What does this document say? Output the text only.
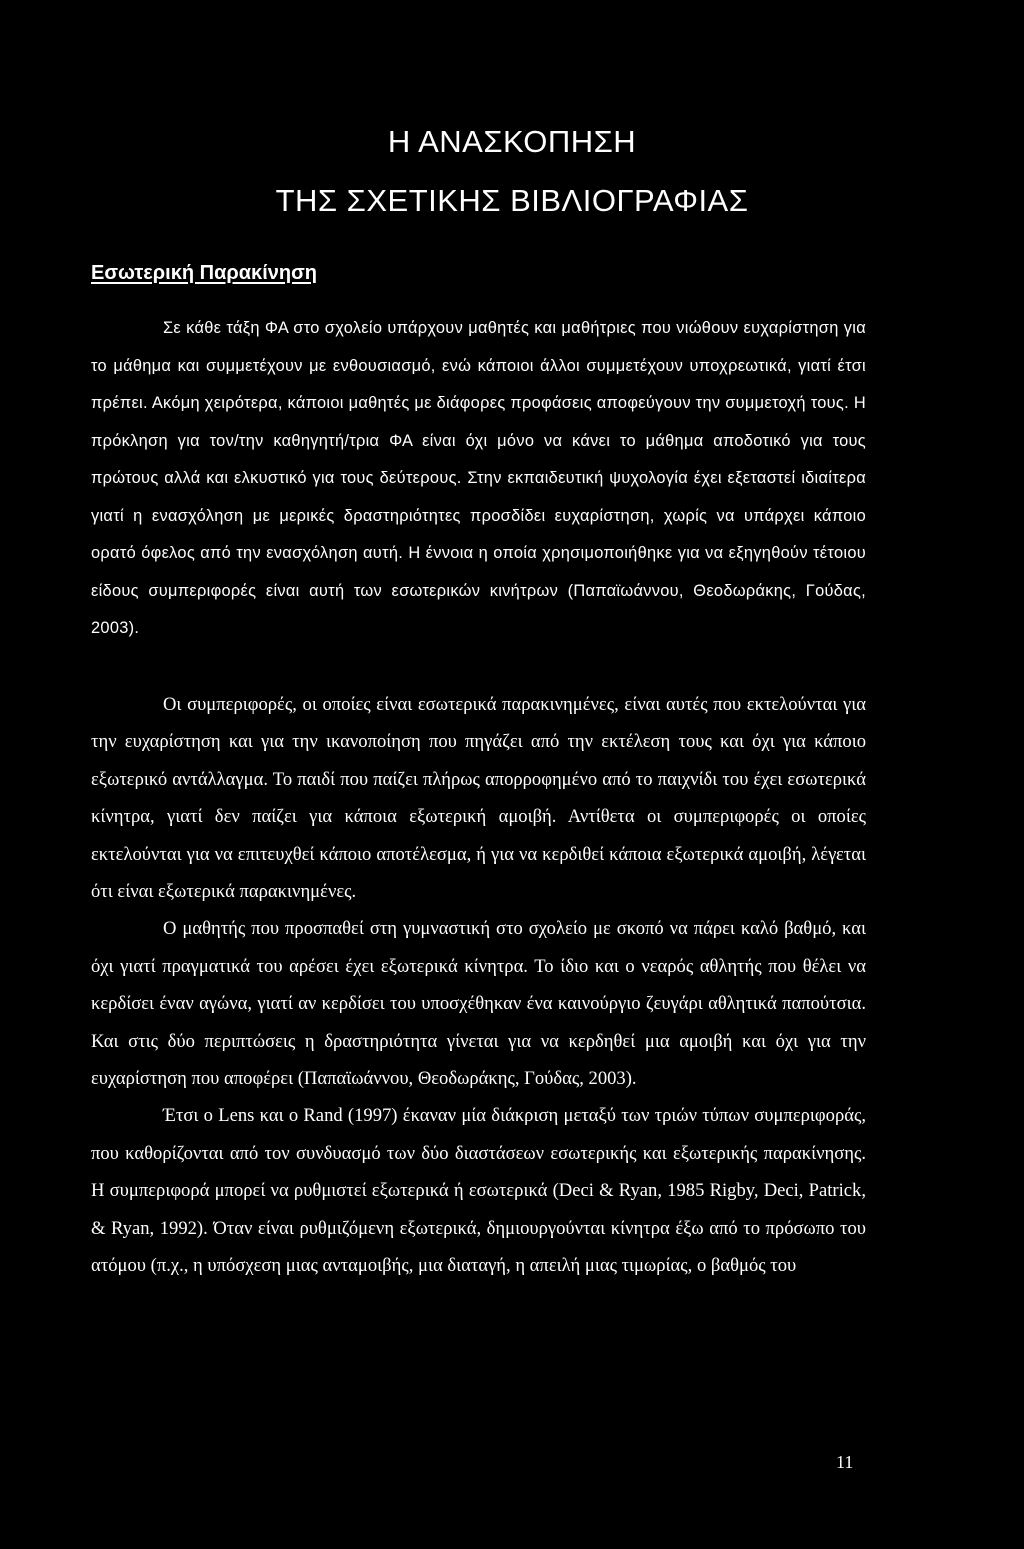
Η ΑΝΑΣΚΟΠΗΣΗ
ΤΗΣ ΣΧΕΤΙΚΗΣ ΒΙΒΛΙΟΓΡΑΦΙΑΣ
Εσωτερική Παρακίνηση

Σε κάθε τάξη ΦΑ στο σχολείο υπάρχουν μαθητές και μαθήτριες που νιώθουν ευχαρίστηση για το μάθημα και συμμετέχουν με ενθουσιασμό, ενώ κάποιοι άλλοι συμμετέχουν υποχρεωτικά, γιατί έτσι πρέπει. Ακόμη χειρότερα, κάποιοι μαθητές με διάφορες προφάσεις αποφεύγουν την συμμετοχή τους. Η πρόκληση για τον/την καθηγητή/τρια ΦΑ είναι όχι μόνο να κάνει το μάθημα αποδοτικό για τους πρώτους αλλά και ελκυστικό για τους δεύτερους. Στην εκπαιδευτική ψυχολογία έχει εξεταστεί ιδιαίτερα γιατί η ενασχόληση με μερικές δραστηριότητες προσδίδει ευχαρίστηση, χωρίς να υπάρχει κάποιο ορατό όφελος από την ενασχόληση αυτή. Η έννοια η οποία χρησιμοποιήθηκε για να εξηγηθούν τέτοιου είδους συμπεριφορές είναι αυτή των εσωτερικών κινήτρων (Παπαϊωάννου, Θεοδωράκης, Γούδας, 2003).

Οι συμπεριφορές, οι οποίες είναι εσωτερικά παρακινημένες, είναι αυτές που εκτελούνται για την ευχαρίστηση και για την ικανοποίηση που πηγάζει από την εκτέλεση τους και όχι για κάποιο εξωτερικό αντάλλαγμα. Το παιδί που παίζει πλήρως απορροφημένο από το παιχνίδι του έχει εσωτερικά κίνητρα, γιατί δεν παίζει για κάποια εξωτερική αμοιβή. Αντίθετα οι συμπεριφορές οι οποίες εκτελούνται για να επιτευχθεί κάποιο αποτέλεσμα, ή για να κερδιθεί κάποια εξωτερικά αμοιβή, λέγεται ότι είναι εξωτερικά παρακινημένες.

Ο μαθητής που προσπαθεί στη γυμναστική στο σχολείο με σκοπό να πάρει καλό βαθμό, και όχι γιατί πραγματικά του αρέσει έχει εξωτερικά κίνητρα. Το ίδιο και ο νεαρός αθλητής που θέλει να κερδίσει έναν αγώνα, γιατί αν κερδίσει του υποσχέθηκαν ένα καινούργιο ζευγάρι αθλητικά παπούτσια. Και στις δύο περιπτώσεις η δραστηριότητα γίνεται για να κερδηθεί μια αμοιβή και όχι για την ευχαρίστηση που αποφέρει (Παπαϊωάννου, Θεοδωράκης, Γούδας, 2003).

Έτσι ο Lens και ο Rand (1997) έκαναν μία διάκριση μεταξύ των τριών τύπων συμπεριφοράς, που καθορίζονται από τον συνδυασμό των δύο διαστάσεων εσωτερικής και εξωτερικής παρακίνησης. Η συμπεριφορά μπορεί να ρυθμιστεί εξωτερικά ή εσωτερικά (Deci & Ryan, 1985 Rigby, Deci, Patrick, & Ryan, 1992). Όταν είναι ρυθμιζόμενη εξωτερικά, δημιουργούνται κίνητρα έξω από το πρόσωπο του ατόμου (π.χ., η υπόσχεση μιας ανταμοιβής, μια διαταγή, η απειλή μιας τιμωρίας, ο βαθμός του

11
